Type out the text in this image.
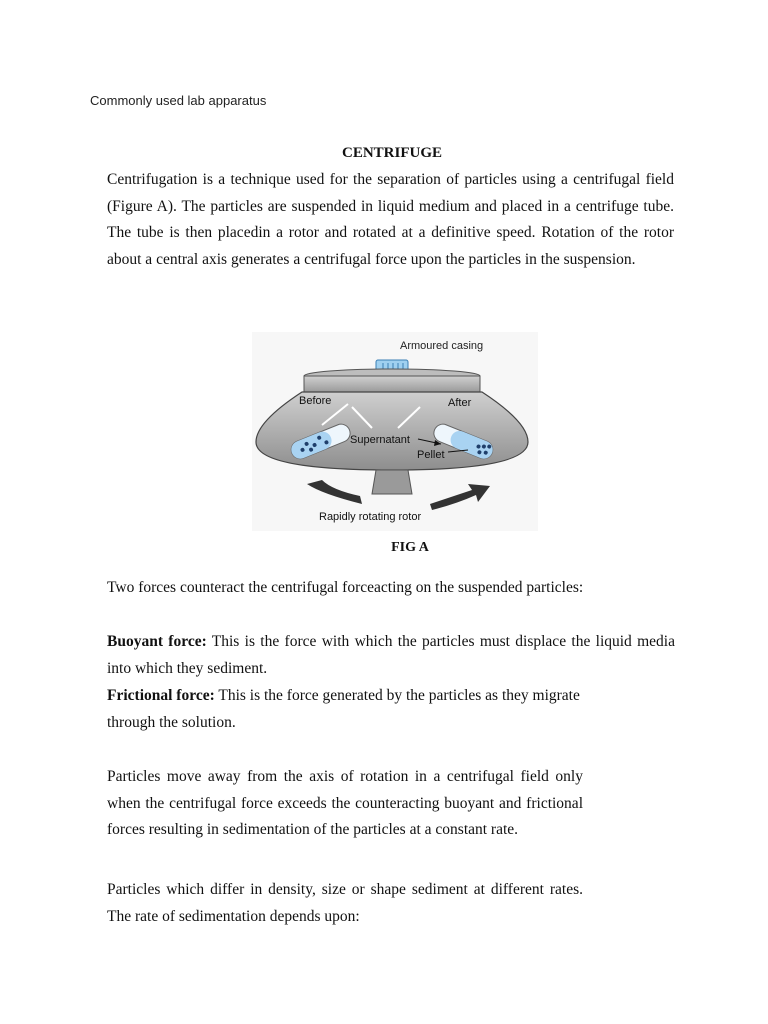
Commonly used lab apparatus
CENTRIFUGE
Centrifugation is a technique used for the separation of particles using a centrifugal field (Figure A). The particles are suspended in liquid medium and placed in a centrifuge tube. The tube is then placedin a rotor and rotated at a definitive speed. Rotation of the rotor about a central axis generates a centrifugal force upon the particles in the suspension.
Armoured casing
Before	After
Supernatant
Pellet
Rapidly rotating rotor
FIG A
Two forces counteract the centrifugal forceacting on the suspended particles:
Buoyant force: This is the force with which the particles must displace the liquid media into which they sediment.
Frictional force: This is the force generated by the particles as they migrate through the solution.
Particles move away from the axis of rotation in a centrifugal field only when the centrifugal force exceeds the counteracting buoyant and frictional forces resulting in sedimentation of the particles at a constant rate.
Particles which differ in density, size or shape sediment at different rates. The rate of sedimentation depends upon:
